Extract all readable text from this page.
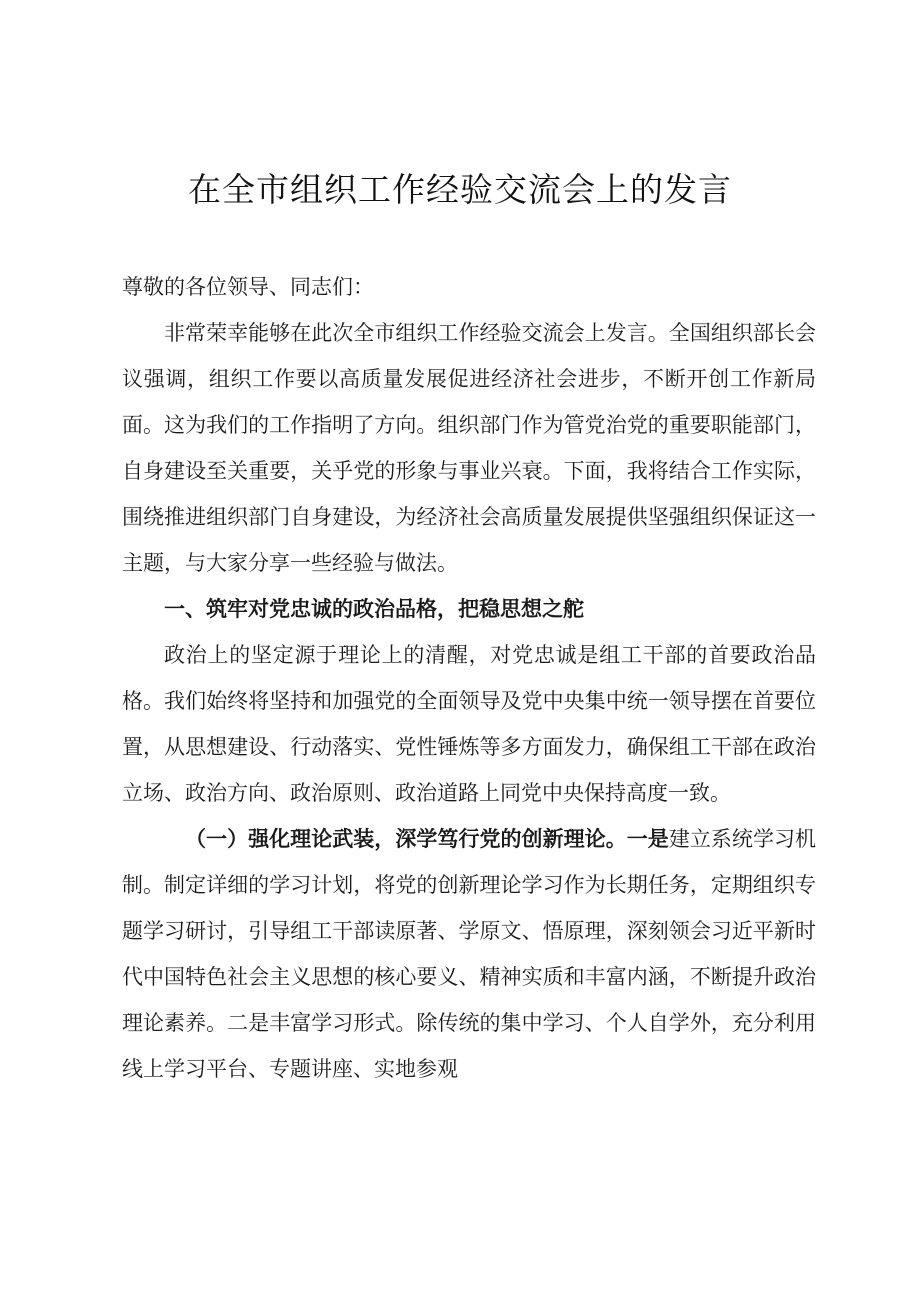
在全市组织工作经验交流会上的发言

尊敬的各位领导、同志们：

非常荣幸能够在此次全市组织工作经验交流会上发言。全国组织部长会议强调，组织工作要以高质量发展促进经济社会进步，不断开创工作新局面。这为我们的工作指明了方向。组织部门作为管党治党的重要职能部门，自身建设至关重要，关乎党的形象与事业兴衰。下面，我将结合工作实际，围绕推进组织部门自身建设，为经济社会高质量发展提供坚强组织保证这一主题，与大家分享一些经验与做法。

一、筑牢对党忠诚的政治品格，把稳思想之舵

政治上的坚定源于理论上的清醒，对党忠诚是组工干部的首要政治品格。我们始终将坚持和加强党的全面领导及党中央集中统一领导摆在首要位置，从思想建设、行动落实、党性锤炼等多方面发力，确保组工干部在政治立场、政治方向、政治原则、政治道路上同党中央保持高度一致。

（一）强化理论武装，深学笃行党的创新理论。一是建立系统学习机制。制定详细的学习计划，将党的创新理论学习作为长期任务，定期组织专题学习研讨，引导组工干部读原著、学原文、悟原理，深刻领会习近平新时代中国特色社会主义思想的核心要义、精神实质和丰富内涵，不断提升政治理论素养。二是丰富学习形式。除传统的集中学习、个人自学外，充分利用线上学习平台、专题讲座、实地参观
